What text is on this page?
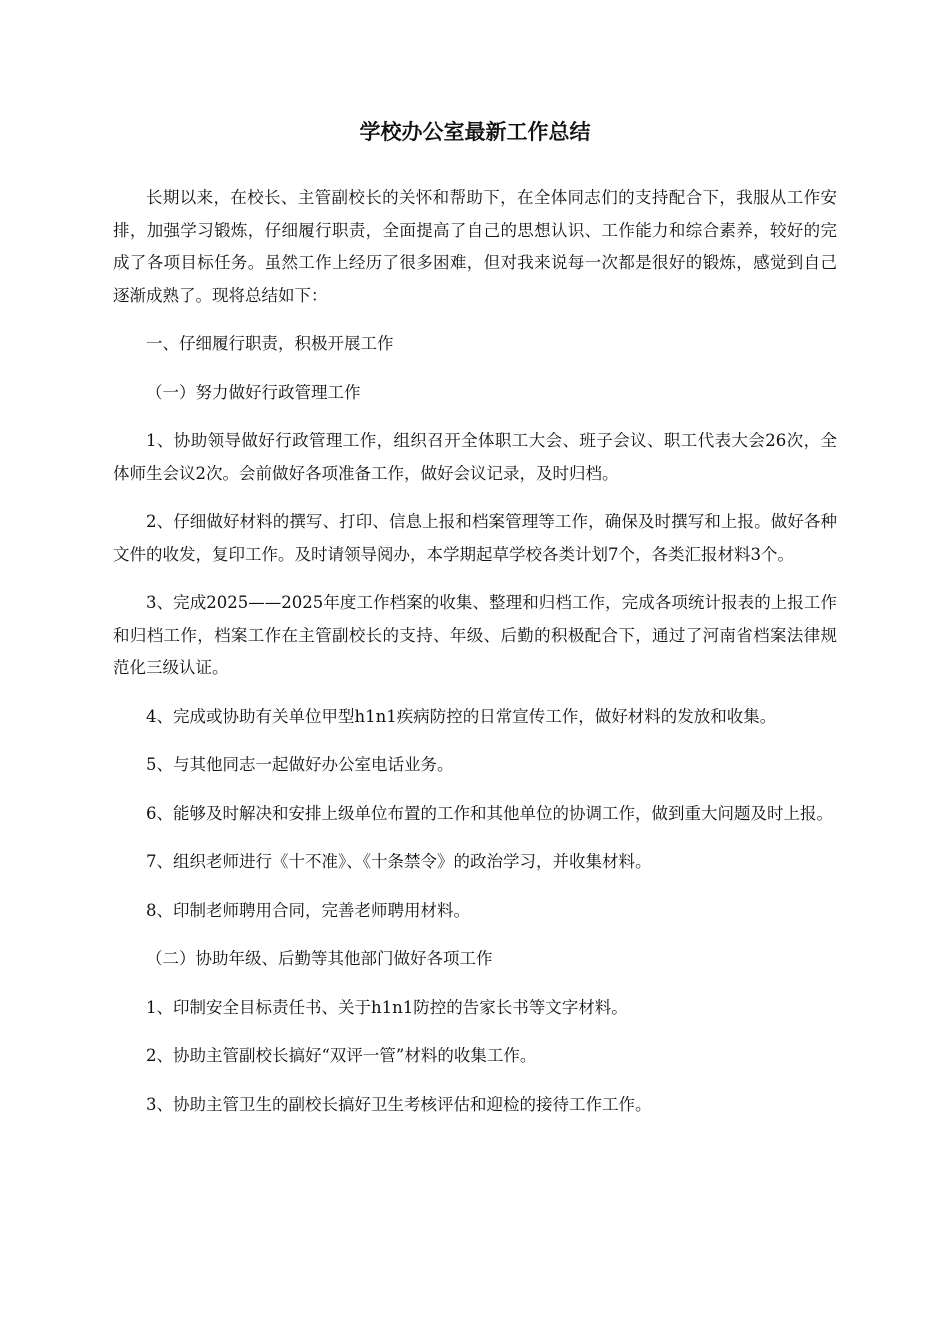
学校办公室最新工作总结

长期以来，在校长、主管副校长的关怀和帮助下，在全体同志们的支持配合下，我服从工作安排，加强学习锻炼，仔细履行职责，全面提高了自己的思想认识、工作能力和综合素养，较好的完成了各项目标任务。虽然工作上经历了很多困难，但对我来说每一次都是很好的锻炼，感觉到自己逐渐成熟了。现将总结如下：

一、仔细履行职责，积极开展工作

（一）努力做好行政管理工作

1、协助领导做好行政管理工作，组织召开全体职工大会、班子会议、职工代表大会26次，全体师生会议2次。会前做好各项准备工作，做好会议记录，及时归档。

2、仔细做好材料的撰写、打印、信息上报和档案管理等工作，确保及时撰写和上报。做好各种文件的收发，复印工作。及时请领导阅办，本学期起草学校各类计划7个，各类汇报材料3个。

3、完成2025——2025年度工作档案的收集、整理和归档工作，完成各项统计报表的上报工作和归档工作，档案工作在主管副校长的支持、年级、后勤的积极配合下，通过了河南省档案法律规范化三级认证。

4、完成或协助有关单位甲型h1n1疾病防控的日常宣传工作，做好材料的发放和收集。

5、与其他同志一起做好办公室电话业务。

6、能够及时解决和安排上级单位布置的工作和其他单位的协调工作，做到重大问题及时上报。

7、组织老师进行《十不准》、《十条禁令》的政治学习，并收集材料。

8、印制老师聘用合同，完善老师聘用材料。

（二）协助年级、后勤等其他部门做好各项工作

1、印制安全目标责任书、关于h1n1防控的告家长书等文字材料。

2、协助主管副校长搞好“双评一管”材料的收集工作。

3、协助主管卫生的副校长搞好卫生考核评估和迎检的接待工作工作。
